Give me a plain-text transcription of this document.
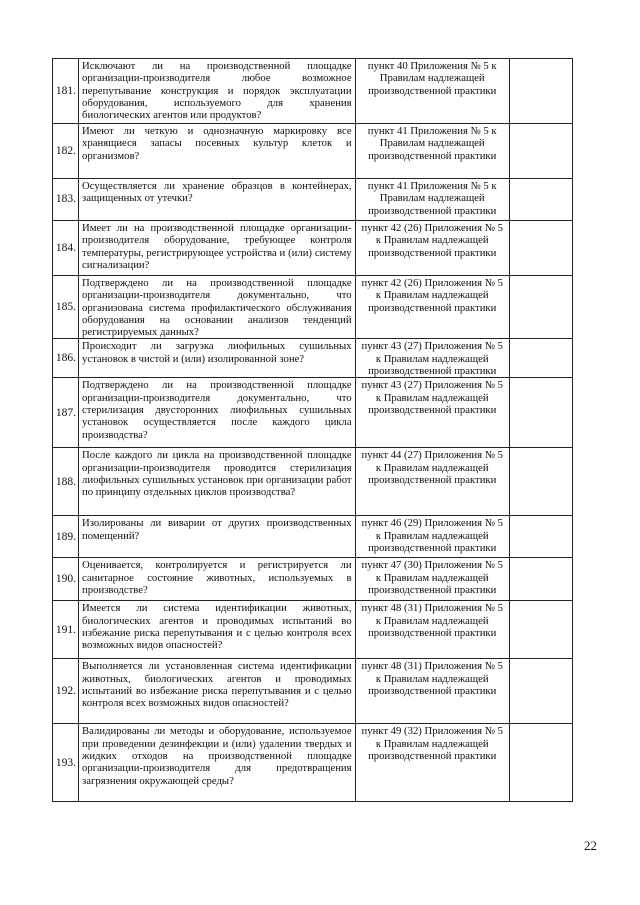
181.	Исключают ли на производственной площадке организации-производителя любое возможное перепутывание конструкция и порядок эксплуатации оборудования, используемого для хранения биологических агентов или продуктов?	пункт 40 Приложения № 5 к Правилам надлежащей производственной практики	
182.	Имеют ли четкую и однозначную маркировку все хранящиеся запасы посевных культур клеток и организмов?	пункт 41 Приложения № 5 к Правилам надлежащей производственной практики	
183.	Осуществляется ли хранение образцов в контейнерах, защищенных от утечки?	пункт 41 Приложения № 5 к Правилам надлежащей производственной практики	
184.	Имеет ли на производственной площадке организации-производителя оборудование, требующее контроля температуры, регистрирующее устройства и (или) систему сигнализации?	пункт 42 (26) Приложения № 5 к Правилам надлежащей производственной практики	
185.	Подтверждено ли на производственной площадке организации-производителя документально, что организована система профилактического обслуживания оборудования на основании анализов тенденций регистрируемых данных?	пункт 42 (26) Приложения № 5 к Правилам надлежащей производственной практики	
186.	Происходит ли загрузка лиофильных сушильных установок в чистой и (или) изолированной зоне?	пункт 43 (27) Приложения № 5 к Правилам надлежащей производственной практики	
187.	Подтверждено ли на производственной площадке организации-производителя документально, что стерилизация двусторонних лиофильных сушильных установок осуществляется после каждого цикла производства?	пункт 43 (27) Приложения № 5 к Правилам надлежащей производственной практики	
188.	После каждого ли цикла на производственной площадке организации-производителя проводится стерилизация лиофильных сушильных установок при организации работ по принципу отдельных циклов производства?	пункт 44 (27) Приложения № 5 к Правилам надлежащей производственной практики	
189.	Изолированы ли виварии от других производственных помещений?	пункт 46 (29) Приложения № 5 к Правилам надлежащей производственной практики	
190.	Оценивается, контролируется и регистрируется ли санитарное состояние животных, используемых в производстве?	пункт 47 (30) Приложения № 5 к Правилам надлежащей производственной практики	
191.	Имеется ли система идентификации животных, биологических агентов и проводимых испытаний во избежание риска перепутывания и с целью контроля всех возможных видов опасностей?	пункт 48 (31) Приложения № 5 к Правилам надлежащей производственной практики	
192.	Выполняется ли установленная система идентификации животных, биологических агентов и проводимых испытаний во избежание риска перепутывания и с целью контроля всех возможных видов опасностей?	пункт 48 (31) Приложения № 5 к Правилам надлежащей производственной практики	
193.	Валидированы ли методы и оборудование, используемое при проведении дезинфекции и (или) удалении твердых и жидких отходов на производственной площадке организации-производителя для предотвращения загрязнения окружающей среды?	пункт 49 (32) Приложения № 5 к Правилам надлежащей производственной практики	
22
